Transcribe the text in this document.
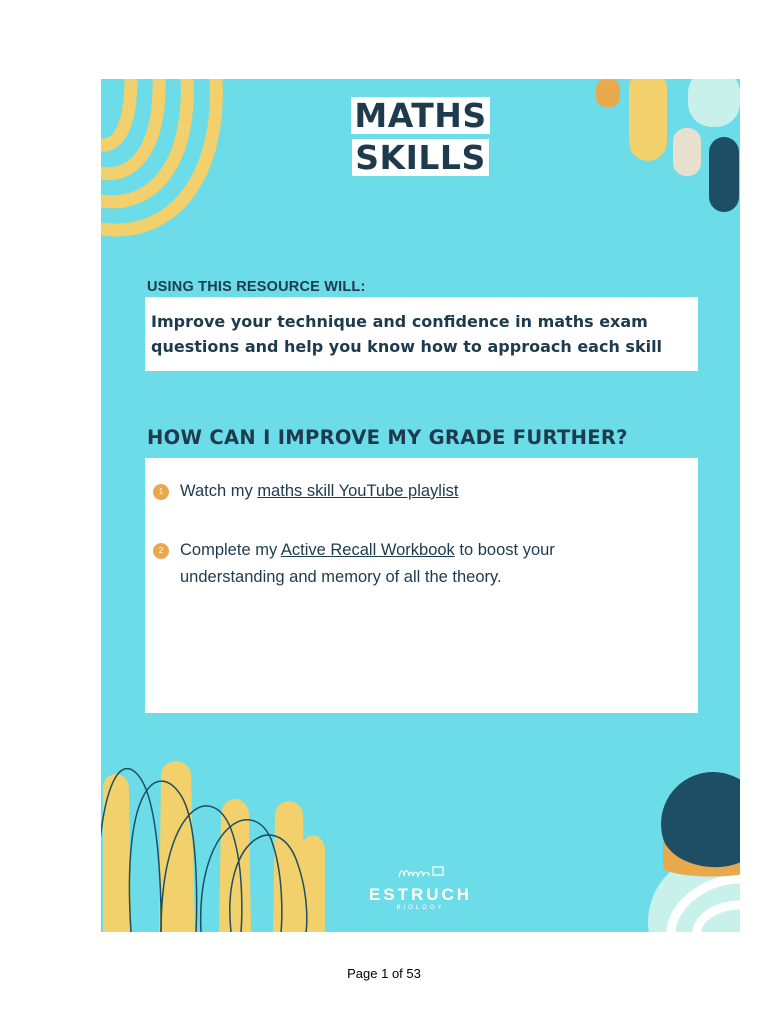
MATHS
SKILLS
USING THIS RESOURCE WILL:
Improve your technique and confidence in maths exam questions and help you know how to approach each skill
HOW CAN I IMPROVE MY GRADE FURTHER?
1	Watch my maths skill YouTube playlist
2	Complete my Active Recall Workbook to boost your understanding and memory of all the theory.
ESTRUCH
BIOLOGY
Page 1 of 53
